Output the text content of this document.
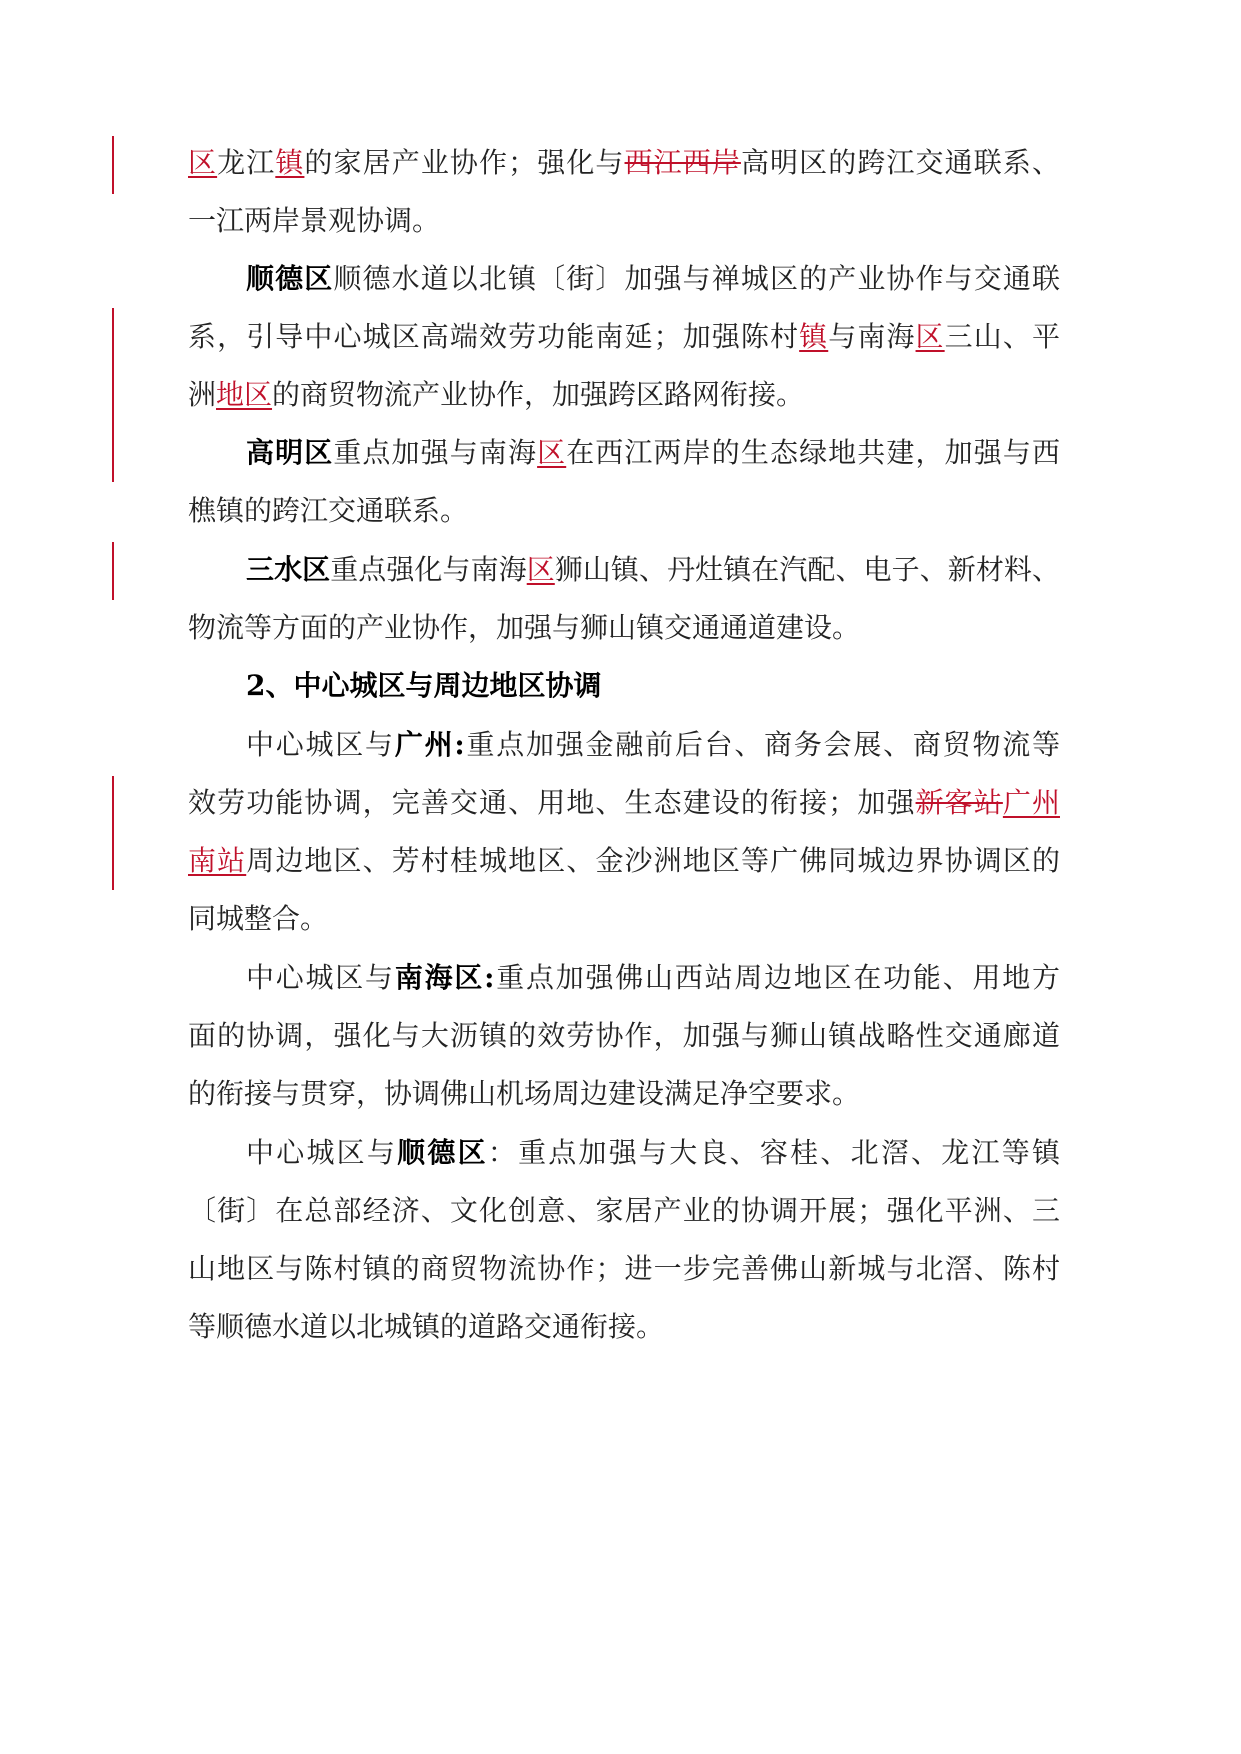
区龙江镇的家居产业协作；强化与西江西岸高明区的跨江交通联系、
一江两岸景观协调。
顺德区顺德水道以北镇〔街〕加强与禅城区的产业协作与交通联
系，引导中心城区高端效劳功能南延；加强陈村镇与南海区三山、平
洲地区的商贸物流产业协作，加强跨区路网衔接。
高明区重点加强与南海区在西江两岸的生态绿地共建，加强与西
樵镇的跨江交通联系。
三水区重点强化与南海区狮山镇、丹灶镇在汽配、电子、新材料、
物流等方面的产业协作，加强与狮山镇交通通道建设。
2、中心城区与周边地区协调
中心城区与广州:重点加强金融前后台、商务会展、商贸物流等
效劳功能协调，完善交通、用地、生态建设的衔接；加强新客站广州
南站周边地区、芳村桂城地区、金沙洲地区等广佛同城边界协调区的
同城整合。
中心城区与南海区:重点加强佛山西站周边地区在功能、用地方
面的协调，强化与大沥镇的效劳协作，加强与狮山镇战略性交通廊道
的衔接与贯穿，协调佛山机场周边建设满足净空要求。
中心城区与顺德区：重点加强与大良、容桂、北滘、龙江等镇
〔街〕在总部经济、文化创意、家居产业的协调开展；强化平洲、三
山地区与陈村镇的商贸物流协作；进一步完善佛山新城与北滘、陈村
等顺德水道以北城镇的道路交通衔接。
